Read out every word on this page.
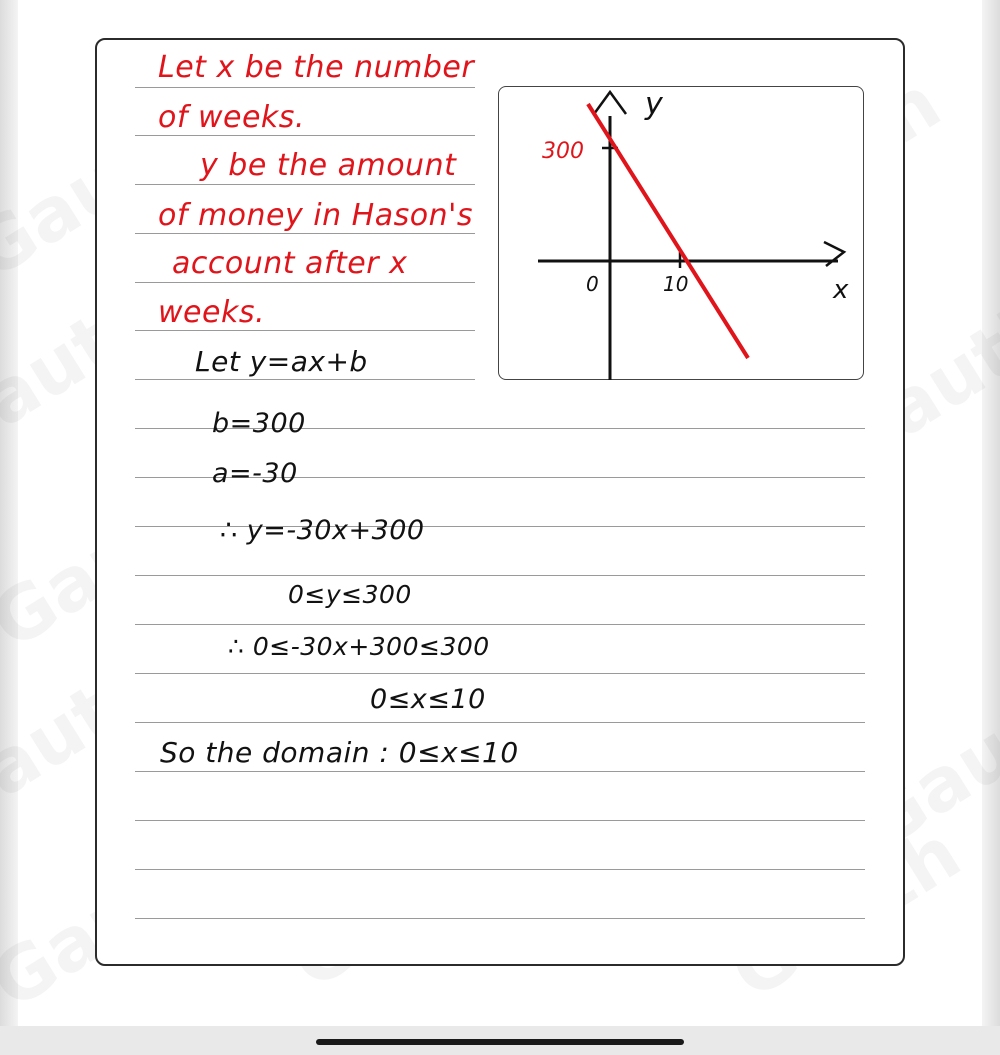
Let x be the number
of weeks.
y be the amount
of money in Hason's
account after x
weeks.
y
x
0	10
300
Let y=ax+b
b=300
a=-30
∴ y=-30x+300
0≤y≤300
∴ 0≤-30x+300≤300
0≤x≤10
So the domain : 0≤x≤10
